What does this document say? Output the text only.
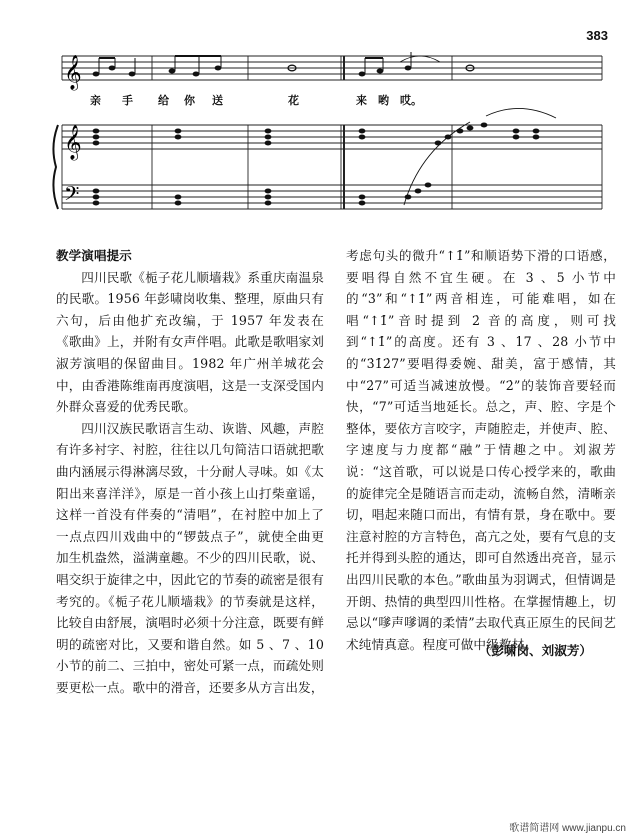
383
𝄞
𝄞
𝄢
亲 手 给 你 送	花	来 哟 哎。
教学演唱提示

四川民歌《栀子花儿顺墙栽》系重庆南温泉的民歌。1956 年彭啸岗收集、整理，原曲只有六句，后由他扩充改编，于 1957 年发表在《歌曲》上，并附有女声伴唱。此歌是歌唱家刘淑芳演唱的保留曲目。1982 年广州羊城花会中，由香港陈维南再度演唱，这是一支深受国内外群众喜爱的优秀民歌。

四川汉族民歌语言生动、诙谐、风趣，声腔有许多衬字、衬腔，往往以几句简洁口语就把歌曲内涵展示得淋漓尽致，十分耐人寻味。如《太阳出来喜洋洋》，原是一首小孩上山打柴童谣，这样一首没有伴奏的“清唱”，在衬腔中加上了一点点四川戏曲中的“锣鼓点子”，就使全曲更加生机盎然，溢满童趣。不少的四川民歌，说、唱交织于旋律之中，因此它的节奏的疏密是很有考究的。《栀子花儿顺墙栽》的节奏就是这样，比较自由舒展，演唱时必须十分注意，既要有鲜明的疏密对比，又要和谐自然。如 5 、7 、10 小节的前二、三拍中，密处可紧一点，而疏处则要更松一点。歌中的滑音，还要多从方言出发，

考虑句头的微升“↑1̇”和顺语势下滑的口语感，要唱得自然不宜生硬。在 3 、5 小节中的“3̇”和“↑1̇”两音相连，可能难唱，如在唱“↑1̇”音时提到 2̇ 音的高度，则可找到“↑1̇”的高度。还有 3 、17 、28 小节中的“3̇1̇2̇7”要唱得委婉、甜美，富于感情，其中“2̇7”可适当减速放慢。“2̇”的装饰音要轻而快，“7”可适当地延长。总之，声、腔、字是个整体，要依方言咬字，声随腔走，并使声、腔、字速度与力度都“融”于情趣之中。刘淑芳说：“这首歌，可以说是口传心授学来的，歌曲的旋律完全是随语言而走动，流畅自然，清晰亲切，唱起来随口而出，有情有景，身在歌中。要注意衬腔的方言特色，高亢之处，要有气息的支托并得到头腔的通达，即可自然透出亮音，显示出四川民歌的本色。”歌曲虽为羽调式，但情调是开朗、热情的典型四川性格。在掌握情趣上，切忌以“嗲声嗲调的柔情”去取代真正原生的民间艺术纯情真意。程度可做中级教材。

（彭啸岗、刘淑芳）
歌谱简谱网 www.jianpu.cn
